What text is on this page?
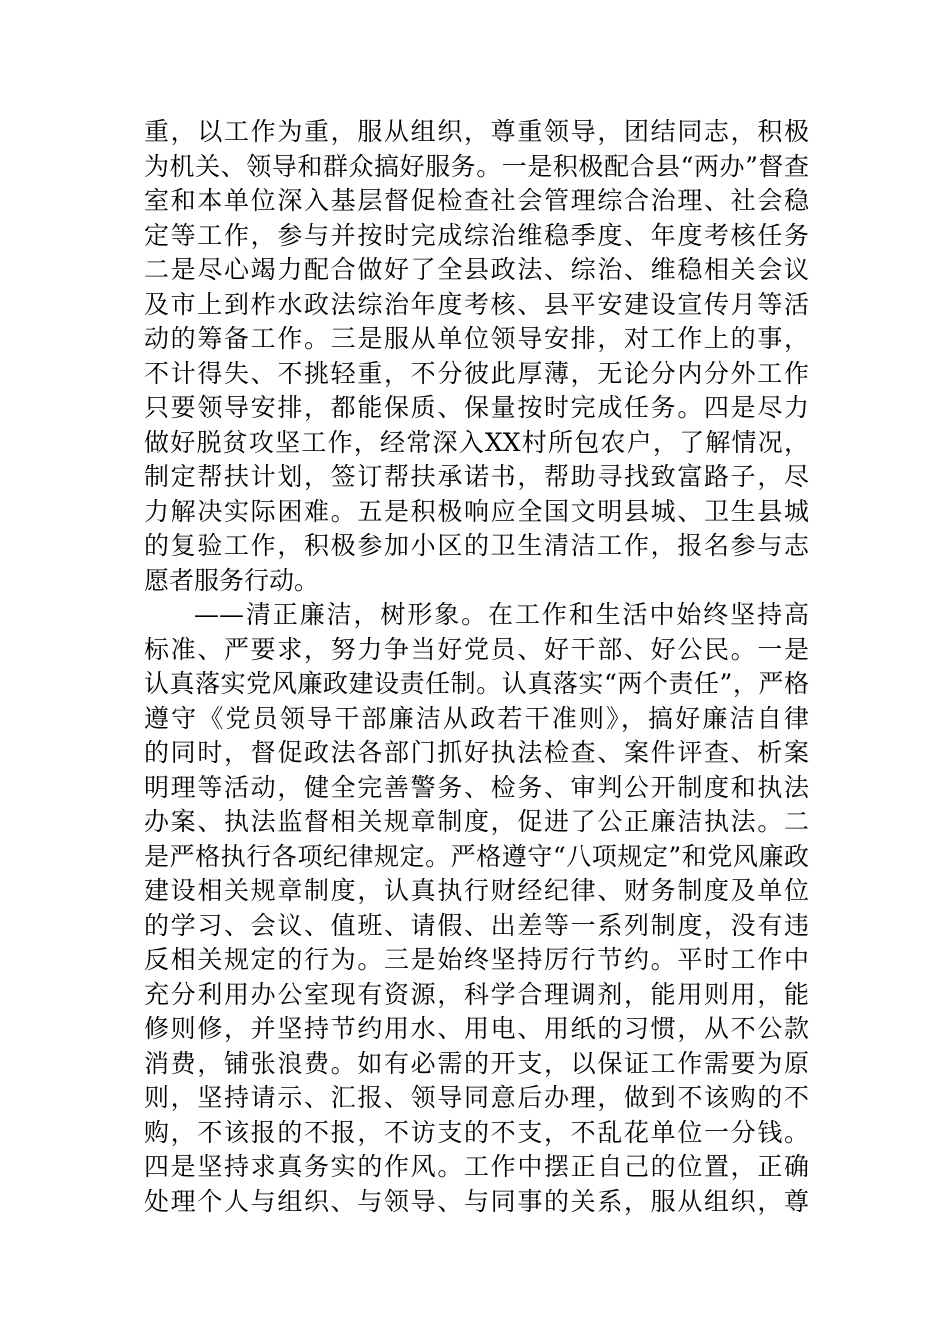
重，以工作为重，服从组织，尊重领导，团结同志，积极
为机关、领导和群众搞好服务。一是积极配合县“两办”督查
室和本单位深入基层督促检查社会管理综合治理、社会稳
定等工作，参与并按时完成综治维稳季度、年度考核任务
二是尽心竭力配合做好了全县政法、综治、维稳相关会议
及市上到柞水政法综治年度考核、县平安建设宣传月等活
动的筹备工作。三是服从单位领导安排，对工作上的事，
不计得失、不挑轻重，不分彼此厚薄，无论分内分外工作
只要领导安排，都能保质、保量按时完成任务。四是尽力
做好脱贫攻坚工作，经常深入XX村所包农户，了解情况，
制定帮扶计划，签订帮扶承诺书，帮助寻找致富路子，尽
力解决实际困难。五是积极响应全国文明县城、卫生县城
的复验工作，积极参加小区的卫生清洁工作，报名参与志
愿者服务行动。
——清正廉洁，树形象。在工作和生活中始终坚持高
标准、严要求，努力争当好党员、好干部、好公民。一是
认真落实党风廉政建设责任制。认真落实“两个责任”，严格
遵守《党员领导干部廉洁从政若干准则》，搞好廉洁自律
的同时，督促政法各部门抓好执法检查、案件评查、析案
明理等活动，健全完善警务、检务、审判公开制度和执法
办案、执法监督相关规章制度，促进了公正廉洁执法。二
是严格执行各项纪律规定。严格遵守“八项规定”和党风廉政
建设相关规章制度，认真执行财经纪律、财务制度及单位
的学习、会议、值班、请假、出差等一系列制度，没有违
反相关规定的行为。三是始终坚持厉行节约。平时工作中
充分利用办公室现有资源，科学合理调剂，能用则用，能
修则修，并坚持节约用水、用电、用纸的习惯，从不公款
消费，铺张浪费。如有必需的开支，以保证工作需要为原
则，坚持请示、汇报、领导同意后办理，做到不该购的不
购，不该报的不报，不访支的不支，不乱花单位一分钱。
四是坚持求真务实的作风。工作中摆正自己的位置，正确
处理个人与组织、与领导、与同事的关系，服从组织，尊
